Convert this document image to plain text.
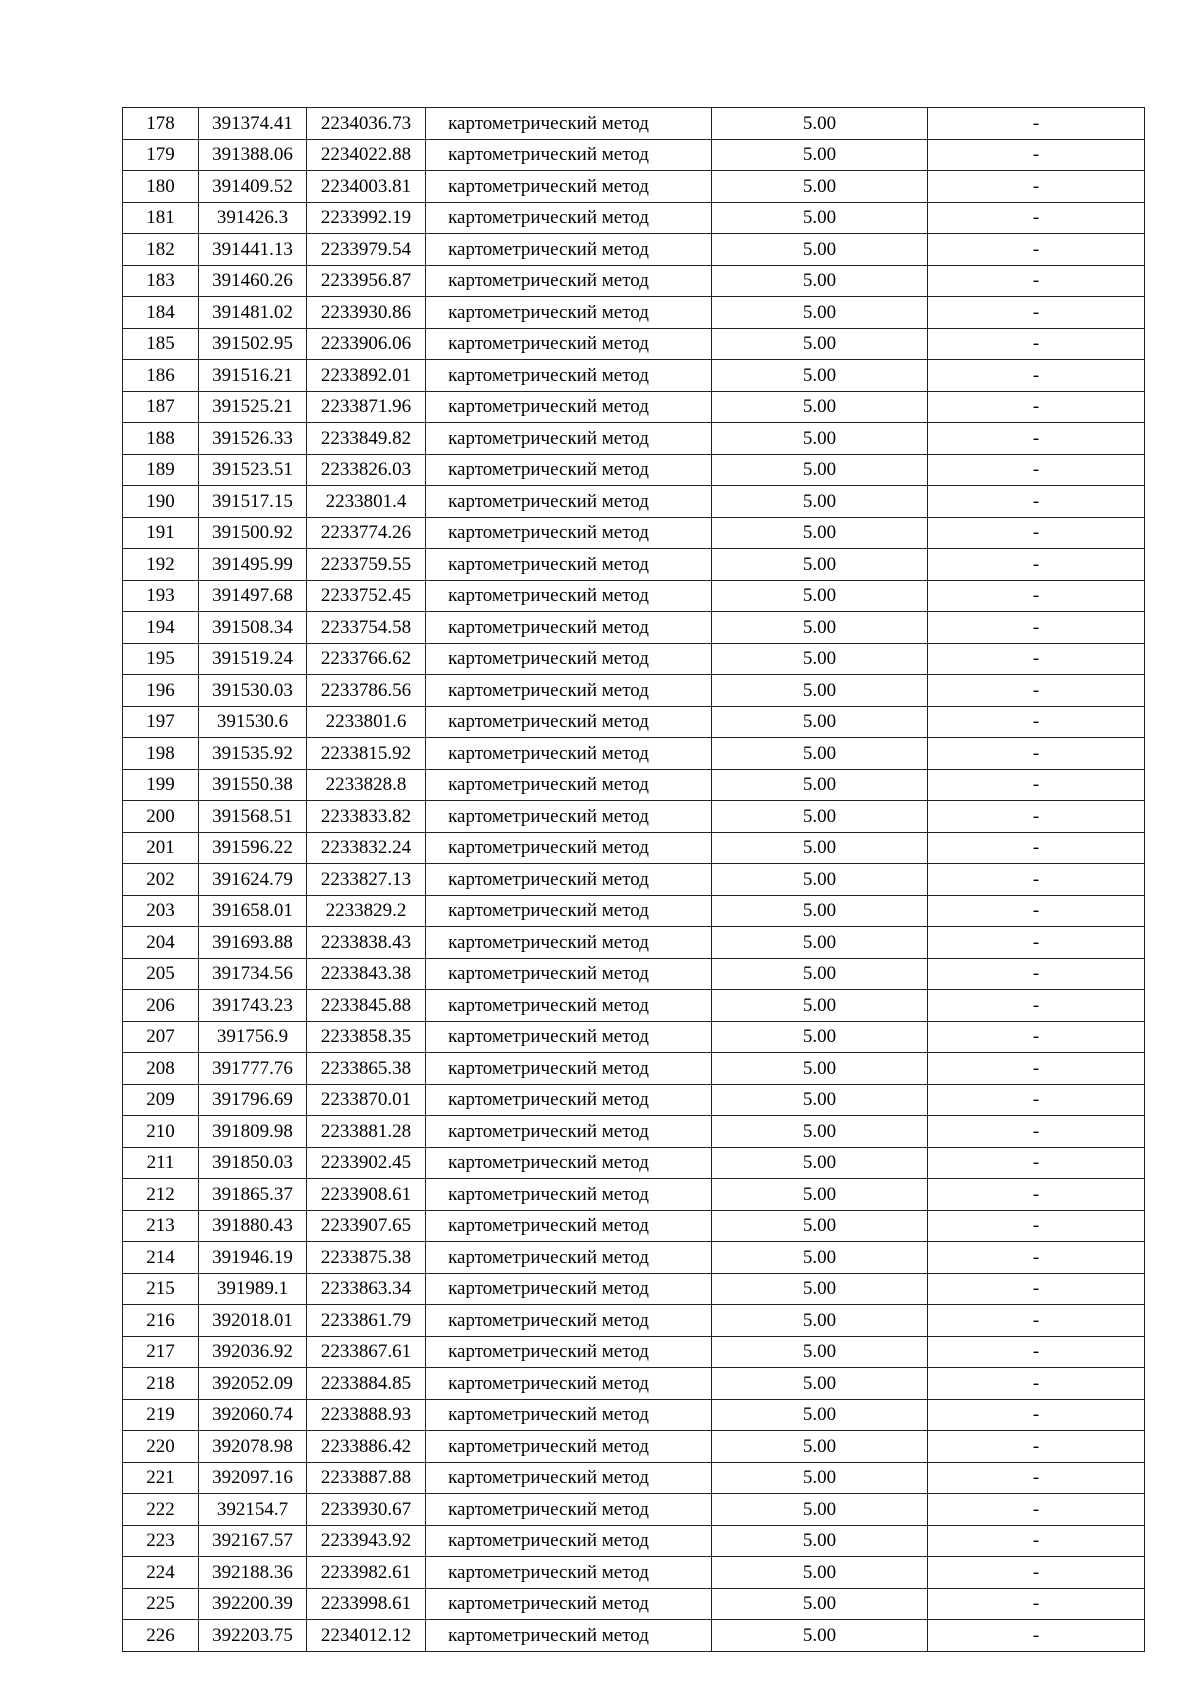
178	391374.41	2234036.73	картометрический метод	5.00	-
179	391388.06	2234022.88	картометрический метод	5.00	-
180	391409.52	2234003.81	картометрический метод	5.00	-
181	391426.3	2233992.19	картометрический метод	5.00	-
182	391441.13	2233979.54	картометрический метод	5.00	-
183	391460.26	2233956.87	картометрический метод	5.00	-
184	391481.02	2233930.86	картометрический метод	5.00	-
185	391502.95	2233906.06	картометрический метод	5.00	-
186	391516.21	2233892.01	картометрический метод	5.00	-
187	391525.21	2233871.96	картометрический метод	5.00	-
188	391526.33	2233849.82	картометрический метод	5.00	-
189	391523.51	2233826.03	картометрический метод	5.00	-
190	391517.15	2233801.4	картометрический метод	5.00	-
191	391500.92	2233774.26	картометрический метод	5.00	-
192	391495.99	2233759.55	картометрический метод	5.00	-
193	391497.68	2233752.45	картометрический метод	5.00	-
194	391508.34	2233754.58	картометрический метод	5.00	-
195	391519.24	2233766.62	картометрический метод	5.00	-
196	391530.03	2233786.56	картометрический метод	5.00	-
197	391530.6	2233801.6	картометрический метод	5.00	-
198	391535.92	2233815.92	картометрический метод	5.00	-
199	391550.38	2233828.8	картометрический метод	5.00	-
200	391568.51	2233833.82	картометрический метод	5.00	-
201	391596.22	2233832.24	картометрический метод	5.00	-
202	391624.79	2233827.13	картометрический метод	5.00	-
203	391658.01	2233829.2	картометрический метод	5.00	-
204	391693.88	2233838.43	картометрический метод	5.00	-
205	391734.56	2233843.38	картометрический метод	5.00	-
206	391743.23	2233845.88	картометрический метод	5.00	-
207	391756.9	2233858.35	картометрический метод	5.00	-
208	391777.76	2233865.38	картометрический метод	5.00	-
209	391796.69	2233870.01	картометрический метод	5.00	-
210	391809.98	2233881.28	картометрический метод	5.00	-
211	391850.03	2233902.45	картометрический метод	5.00	-
212	391865.37	2233908.61	картометрический метод	5.00	-
213	391880.43	2233907.65	картометрический метод	5.00	-
214	391946.19	2233875.38	картометрический метод	5.00	-
215	391989.1	2233863.34	картометрический метод	5.00	-
216	392018.01	2233861.79	картометрический метод	5.00	-
217	392036.92	2233867.61	картометрический метод	5.00	-
218	392052.09	2233884.85	картометрический метод	5.00	-
219	392060.74	2233888.93	картометрический метод	5.00	-
220	392078.98	2233886.42	картометрический метод	5.00	-
221	392097.16	2233887.88	картометрический метод	5.00	-
222	392154.7	2233930.67	картометрический метод	5.00	-
223	392167.57	2233943.92	картометрический метод	5.00	-
224	392188.36	2233982.61	картометрический метод	5.00	-
225	392200.39	2233998.61	картометрический метод	5.00	-
226	392203.75	2234012.12	картометрический метод	5.00	-
